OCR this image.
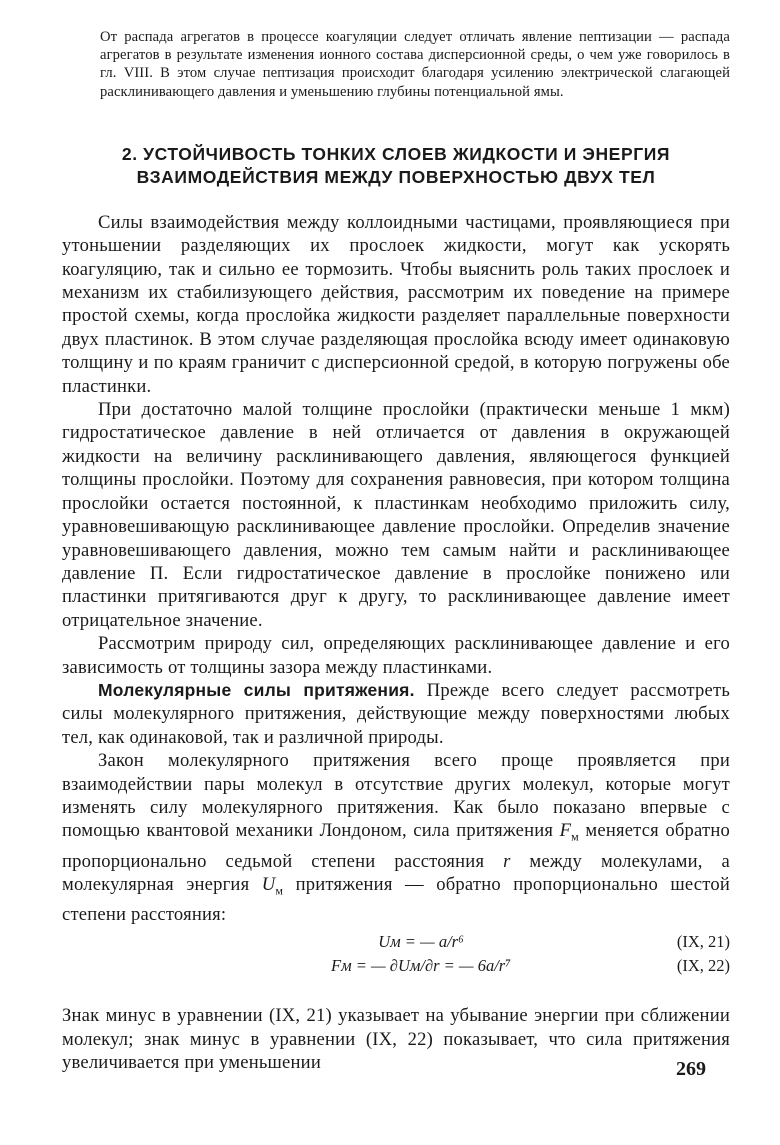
От распада агрегатов в процессе коагуляции следует отличать явление пептизации — распада агрегатов в результате изменения ионного состава дисперсионной среды, о чем уже говорилось в гл. VIII. В этом случае пептизация происходит благодаря усилению электрической слагающей расклинивающего давления и уменьшению глубины потенциальной ямы.

2. УСТОЙЧИВОСТЬ ТОНКИХ СЛОЕВ ЖИДКОСТИ И ЭНЕРГИЯ
ВЗАИМОДЕЙСТВИЯ МЕЖДУ ПОВЕРХНОСТЬЮ ДВУХ ТЕЛ

Силы взаимодействия между коллоидными частицами, проявляющиеся при утоньшении разделяющих их прослоек жидкости, могут как ускорять коагуляцию, так и сильно ее тормозить. Чтобы выяснить роль таких прослоек и механизм их стабилизующего действия, рассмотрим их поведение на примере простой схемы, когда прослойка жидкости разделяет параллельные поверхности двух пластинок. В этом случае разделяющая прослойка всюду имеет одинаковую толщину и по краям граничит с дисперсионной средой, в которую погружены обе пластинки.

При достаточно малой толщине прослойки (практически меньше 1 мкм) гидростатическое давление в ней отличается от давления в окружающей жидкости на величину расклинивающего давления, являющегося функцией толщины прослойки. Поэтому для сохранения равновесия, при котором толщина прослойки остается постоянной, к пластинкам необходимо приложить силу, уравновешивающую расклинивающее давление прослойки. Определив значение уравновешивающего давления, можно тем самым найти и расклинивающее давление П. Если гидростатическое давление в прослойке понижено или пластинки притягиваются друг к другу, то расклинивающее давление имеет отрицательное значение.

Рассмотрим природу сил, определяющих расклинивающее давление и его зависимость от толщины зазора между пластинками.

Молекулярные силы притяжения. Прежде всего следует рассмотреть силы молекулярного притяжения, действующие между поверхностями любых тел, как одинаковой, так и различной природы.

Закон молекулярного притяжения всего проще проявляется при взаимодействии пары молекул в отсутствие других молекул, которые могут изменять силу молекулярного притяжения. Как было показано впервые с помощью квантовой механики Лондоном, сила притяжения $F_м$ меняется обратно пропорционально седьмой степени расстояния r между молекулами, а молекулярная энергия $U_м$ притяжения — обратно пропорционально шестой степени расстояния:

Uм = — a/r⁶	(IX, 21)
Fм = — ∂Uм/∂r = — 6a/r⁷	(IX, 22)

Знак минус в уравнении (IX, 21) указывает на убывание энергии при сближении молекул; знак минус в уравнении (IX, 22) показывает, что сила притяжения увеличивается при уменьшении	269
